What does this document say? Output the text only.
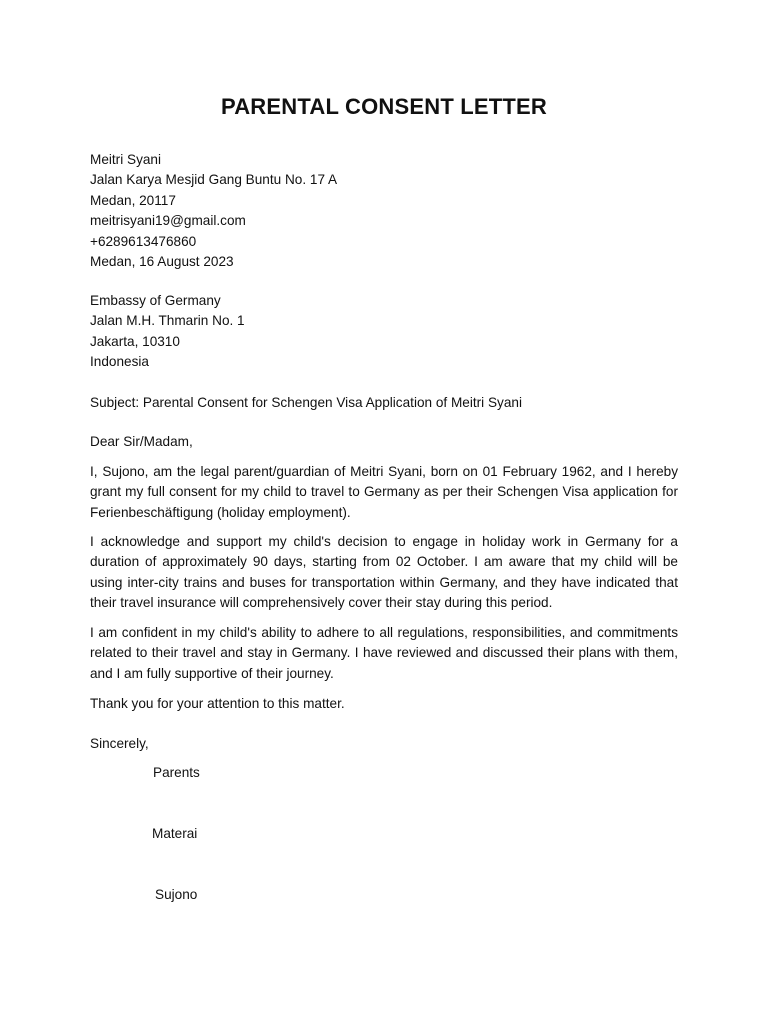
PARENTAL CONSENT LETTER
Meitri Syani
Jalan Karya Mesjid Gang Buntu No. 17 A
Medan, 20117
meitrisyani19@gmail.com
+6289613476860
Medan, 16 August 2023
Embassy of Germany
Jalan M.H. Thmarin No. 1
Jakarta, 10310
Indonesia
Subject: Parental Consent for Schengen Visa Application of Meitri Syani
Dear Sir/Madam,

I, Sujono, am the legal parent/guardian of Meitri Syani, born on 01 February 1962, and I hereby grant my full consent for my child to travel to Germany as per their Schengen Visa application for Ferienbeschäftigung (holiday employment).

I acknowledge and support my child's decision to engage in holiday work in Germany for a duration of approximately 90 days, starting from 02 October. I am aware that my child will be using inter-city trains and buses for transportation within Germany, and they have indicated that their travel insurance will comprehensively cover their stay during this period.

I am confident in my child's ability to adhere to all regulations, responsibilities, and commitments related to their travel and stay in Germany. I have reviewed and discussed their plans with them, and I am fully supportive of their journey.

Thank you for your attention to this matter.

Sincerely,
Parents
Materai
Sujono
